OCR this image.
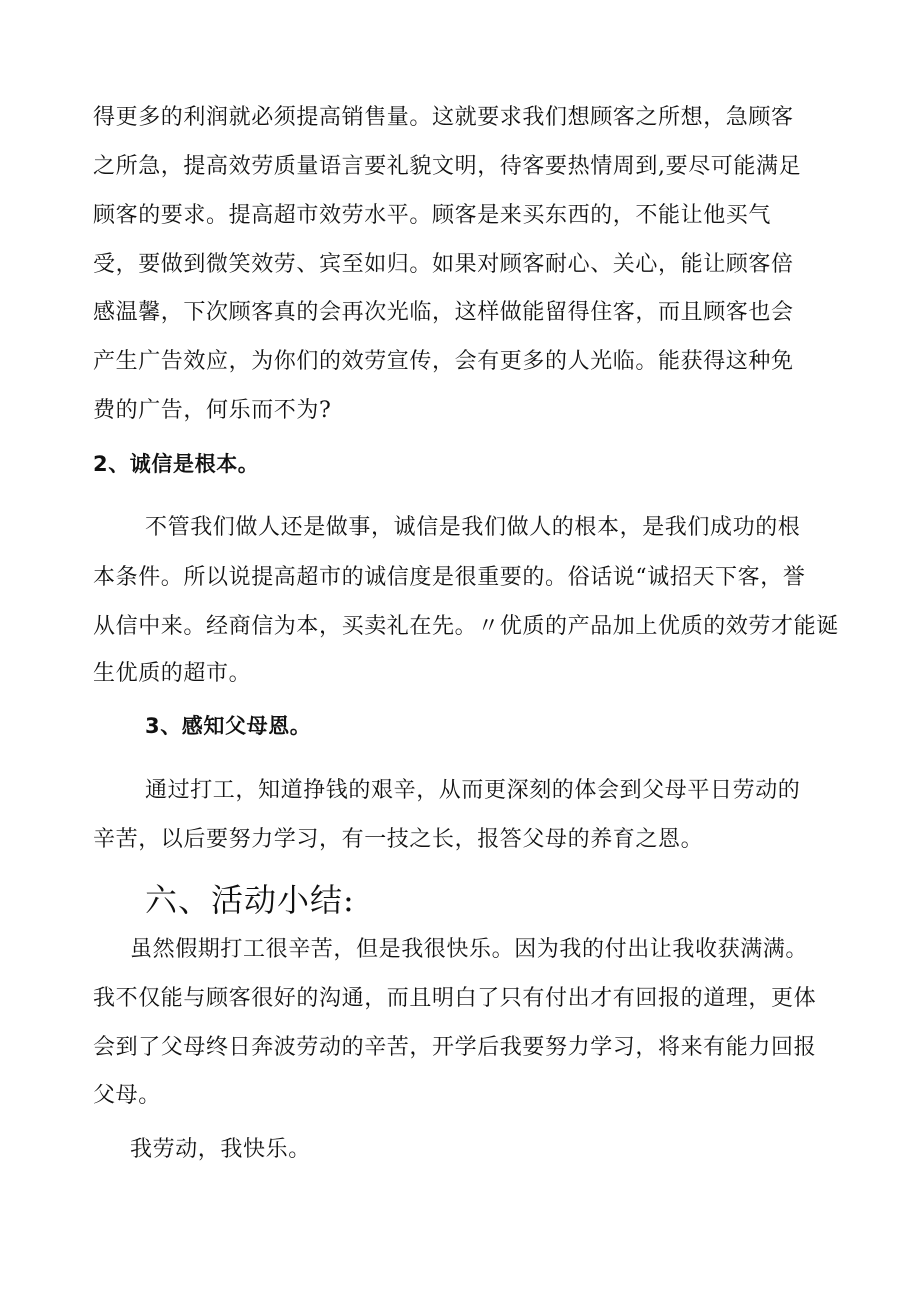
得更多的利润就必须提高销售量。这就要求我们想顾客之所想，急顾客
之所急，提高效劳质量语言要礼貌文明，待客要热情周到,要尽可能满足
顾客的要求。提高超市效劳水平。顾客是来买东西的，不能让他买气
受，要做到微笑效劳、宾至如归。如果对顾客耐心、关心，能让顾客倍
感温馨，下次顾客真的会再次光临，这样做能留得住客，而且顾客也会
产生广告效应，为你们的效劳宣传，会有更多的人光临。能获得这种免
费的广告，何乐而不为?
2、诚信是根本。
不管我们做人还是做事，诚信是我们做人的根本，是我们成功的根
本条件。所以说提高超市的诚信度是很重要的。俗话说“诚招天下客，誉
从信中来。经商信为本，买卖礼在先。〃优质的产品加上优质的效劳才能诞
生优质的超市。
3、感知父母恩。
通过打工，知道挣钱的艰辛，从而更深刻的体会到父母平日劳动的
辛苦，以后要努力学习，有一技之长，报答父母的养育之恩。
六、活动小结:
虽然假期打工很辛苦，但是我很快乐。因为我的付出让我收获满满。
我不仅能与顾客很好的沟通，而且明白了只有付出才有回报的道理，更体
会到了父母终日奔波劳动的辛苦，开学后我要努力学习，将来有能力回报
父母。
我劳动，我快乐。
